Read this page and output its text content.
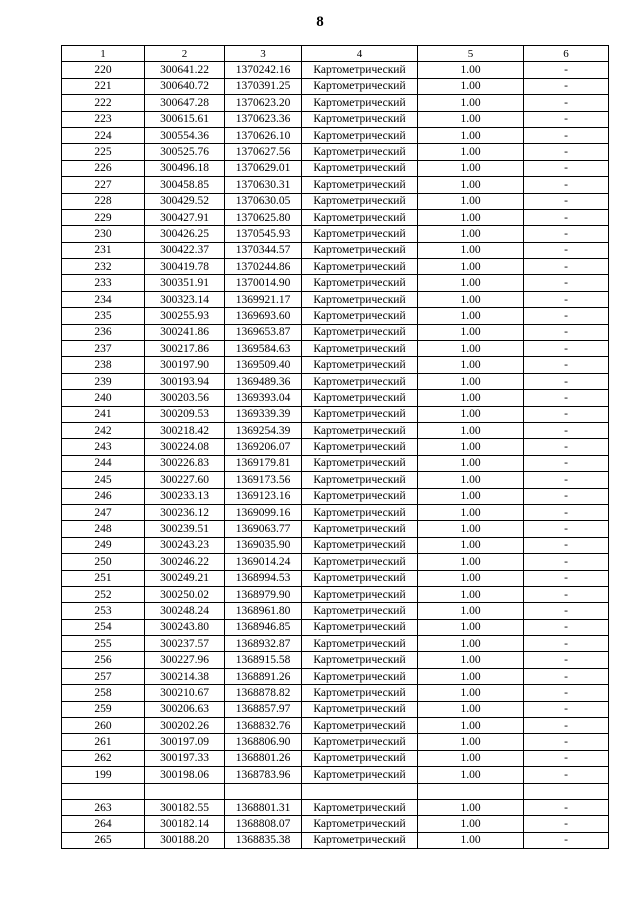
8
1	2	3	4	5	6
220	300641.22	1370242.16	Картометрический	1.00	-
221	300640.72	1370391.25	Картометрический	1.00	-
222	300647.28	1370623.20	Картометрический	1.00	-
223	300615.61	1370623.36	Картометрический	1.00	-
224	300554.36	1370626.10	Картометрический	1.00	-
225	300525.76	1370627.56	Картометрический	1.00	-
226	300496.18	1370629.01	Картометрический	1.00	-
227	300458.85	1370630.31	Картометрический	1.00	-
228	300429.52	1370630.05	Картометрический	1.00	-
229	300427.91	1370625.80	Картометрический	1.00	-
230	300426.25	1370545.93	Картометрический	1.00	-
231	300422.37	1370344.57	Картометрический	1.00	-
232	300419.78	1370244.86	Картометрический	1.00	-
233	300351.91	1370014.90	Картометрический	1.00	-
234	300323.14	1369921.17	Картометрический	1.00	-
235	300255.93	1369693.60	Картометрический	1.00	-
236	300241.86	1369653.87	Картометрический	1.00	-
237	300217.86	1369584.63	Картометрический	1.00	-
238	300197.90	1369509.40	Картометрический	1.00	-
239	300193.94	1369489.36	Картометрический	1.00	-
240	300203.56	1369393.04	Картометрический	1.00	-
241	300209.53	1369339.39	Картометрический	1.00	-
242	300218.42	1369254.39	Картометрический	1.00	-
243	300224.08	1369206.07	Картометрический	1.00	-
244	300226.83	1369179.81	Картометрический	1.00	-
245	300227.60	1369173.56	Картометрический	1.00	-
246	300233.13	1369123.16	Картометрический	1.00	-
247	300236.12	1369099.16	Картометрический	1.00	-
248	300239.51	1369063.77	Картометрический	1.00	-
249	300243.23	1369035.90	Картометрический	1.00	-
250	300246.22	1369014.24	Картометрический	1.00	-
251	300249.21	1368994.53	Картометрический	1.00	-
252	300250.02	1368979.90	Картометрический	1.00	-
253	300248.24	1368961.80	Картометрический	1.00	-
254	300243.80	1368946.85	Картометрический	1.00	-
255	300237.57	1368932.87	Картометрический	1.00	-
256	300227.96	1368915.58	Картометрический	1.00	-
257	300214.38	1368891.26	Картометрический	1.00	-
258	300210.67	1368878.82	Картометрический	1.00	-
259	300206.63	1368857.97	Картометрический	1.00	-
260	300202.26	1368832.76	Картометрический	1.00	-
261	300197.09	1368806.90	Картометрический	1.00	-
262	300197.33	1368801.26	Картометрический	1.00	-
199	300198.06	1368783.96	Картометрический	1.00	-

263	300182.55	1368801.31	Картометрический	1.00	-
264	300182.14	1368808.07	Картометрический	1.00	-
265	300188.20	1368835.38	Картометрический	1.00	-
